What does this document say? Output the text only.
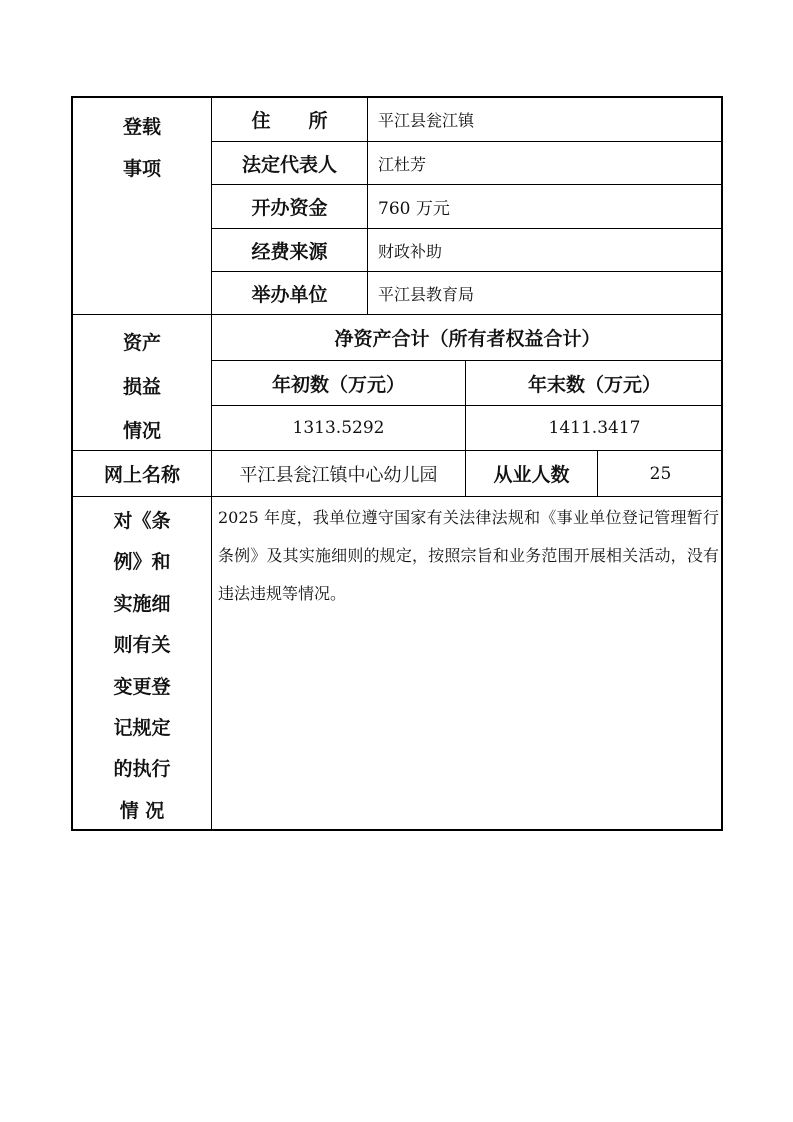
登载
事项
住　　所	平江县瓮江镇
法定代表人	江杜芳
开办资金	760 万元
经费来源	财政补助
举办单位	平江县教育局
资产
损益
情况
净资产合计（所有者权益合计）
年初数（万元）	年末数（万元）
1313.5292	1411.3417
网上名称	平江县瓮江镇中心幼儿园	从业人数	25
对《条
例》和
实施细
则有关
变更登
记规定
的执行
情 况
2025 年度，我单位遵守国家有关法律法规和《事业单位登记管理暂行条例》及其实施细则的规定，按照宗旨和业务范围开展相关活动，没有违法违规等情况。
